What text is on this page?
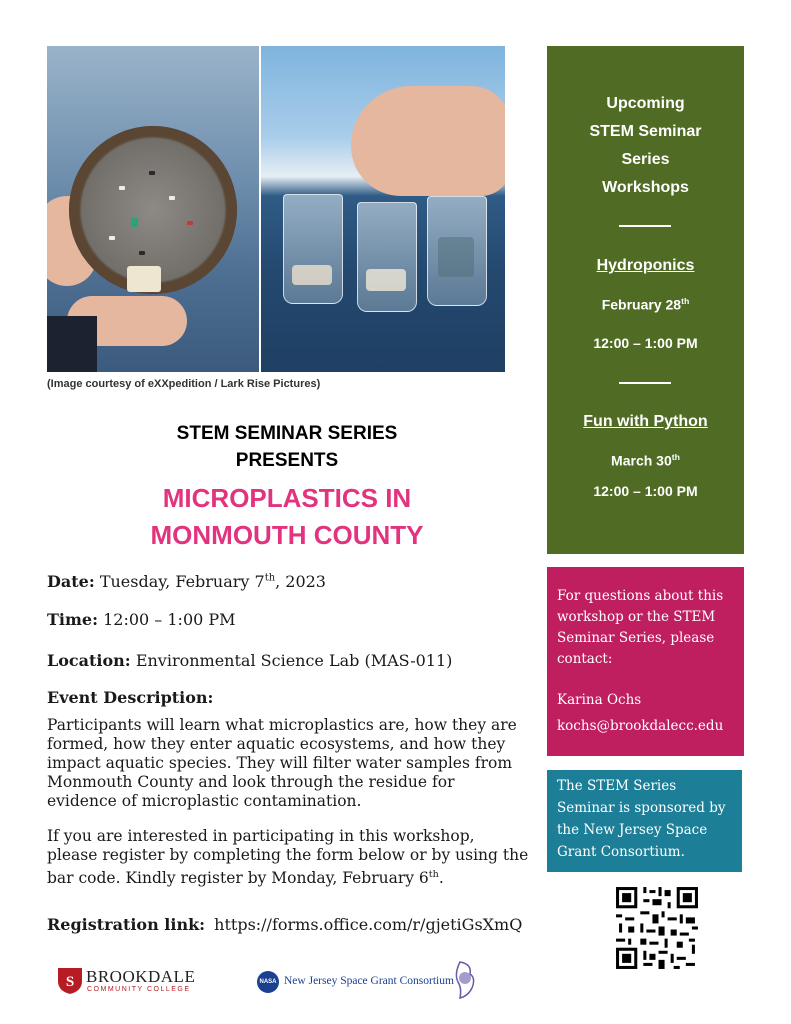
(Image courtesy of eXXpedition / Lark Rise Pictures)
STEM SEMINAR SERIES
PRESENTS
MICROPLASTICS IN
MONMOUTH COUNTY
Date: Tuesday, February 7th, 2023
Time: 12:00 – 1:00 PM
Location: Environmental Science Lab (MAS-011)
Event Description:
Participants will learn what microplastics are, how they are
formed, how they enter aquatic ecosystems, and how they
impact aquatic species. They will filter water samples from
Monmouth County and look through the residue for
evidence of microplastic contamination.
If you are interested in participating in this workshop,
please register by completing the form below or by using the
bar code. Kindly register by Monday, February 6th.
Registration link: https://forms.office.com/r/gjetiGsXmQ
S BROOKDALE
COMMUNITY COLLEGE
NASA New Jersey Space Grant Consortium
Upcoming
STEM Seminar
Series
Workshops
Hydroponics
February 28th
12:00 – 1:00 PM
Fun with Python
March 30th
12:00 – 1:00 PM
For questions about this
workshop or the STEM
Seminar Series, please
contact:
Karina Ochs
kochs@brookdalecc.edu
The STEM Series
Seminar is sponsored by
the New Jersey Space
Grant Consortium.
